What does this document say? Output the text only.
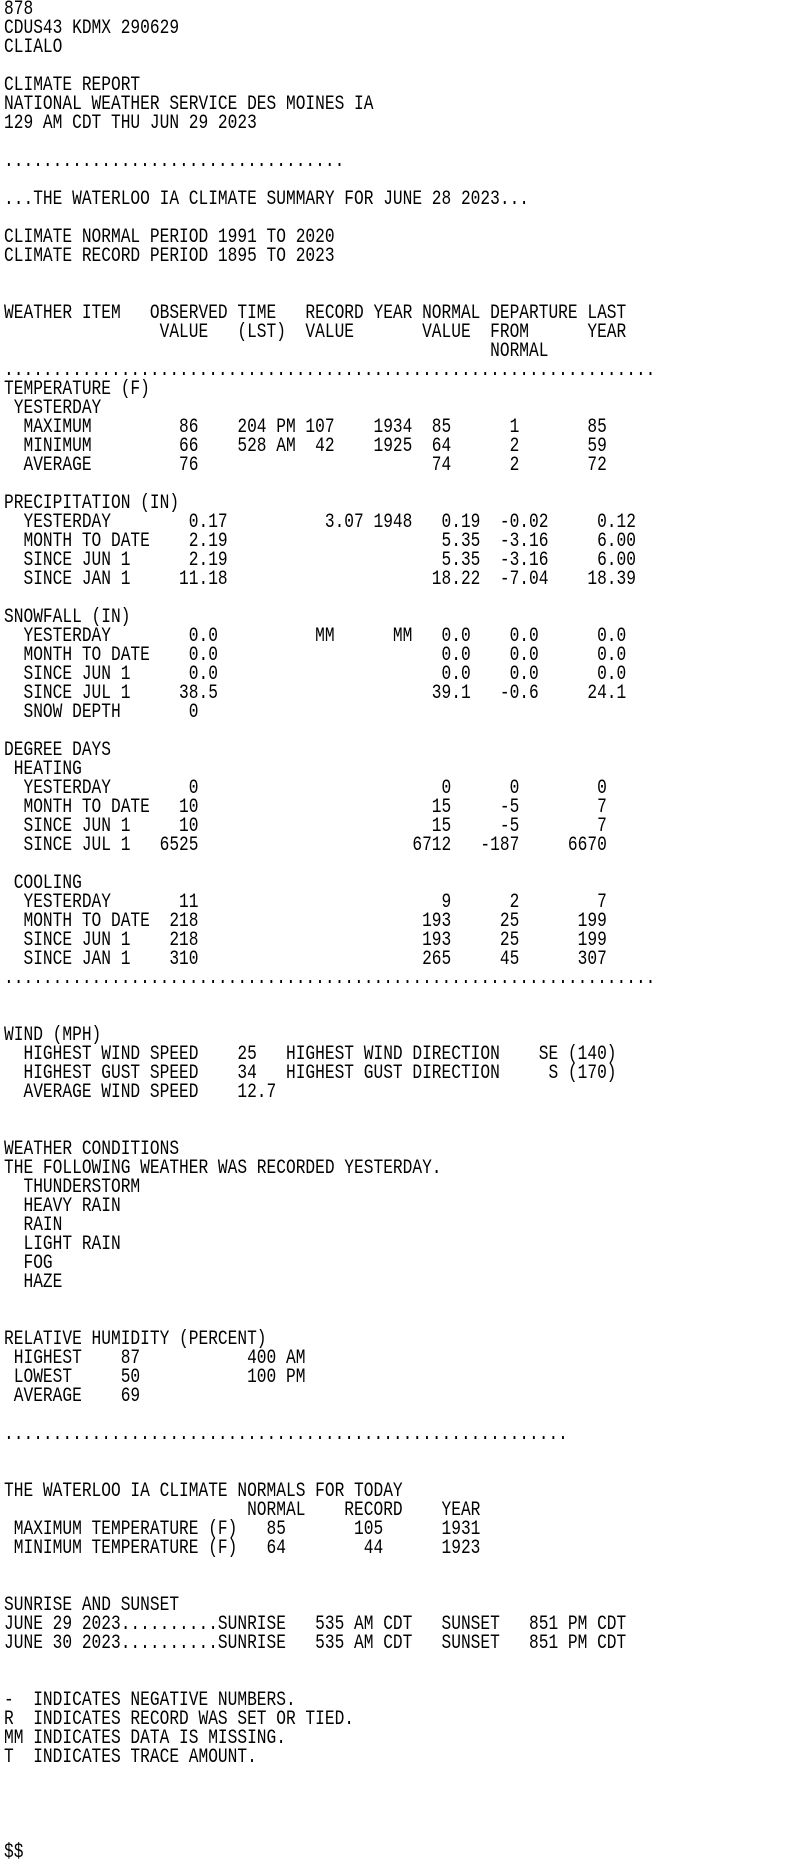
878
CDUS43 KDMX 290629
CLIALO
CLIMATE REPORT
NATIONAL WEATHER SERVICE DES MOINES IA
129 AM CDT THU JUN 29 2023
...................................
...THE WATERLOO IA CLIMATE SUMMARY FOR JUNE 28 2023...
CLIMATE NORMAL PERIOD 1991 TO 2020
CLIMATE RECORD PERIOD 1895 TO 2023
WEATHER ITEM   OBSERVED TIME   RECORD YEAR NORMAL DEPARTURE LAST
VALUE   (LST)  VALUE       VALUE  FROM      YEAR
NORMAL
...................................................................
TEMPERATURE (F)
YESTERDAY
MAXIMUM         86    204 PM 107    1934  85      1       85
MINIMUM         66    528 AM  42    1925  64      2       59
AVERAGE         76                        74      2       72
PRECIPITATION (IN)
YESTERDAY        0.17          3.07 1948   0.19  -0.02     0.12
MONTH TO DATE    2.19                      5.35  -3.16     6.00
SINCE JUN 1      2.19                      5.35  -3.16     6.00
SINCE JAN 1     11.18                     18.22  -7.04    18.39
SNOWFALL (IN)
YESTERDAY        0.0          MM      MM   0.0    0.0      0.0
MONTH TO DATE    0.0                       0.0    0.0      0.0
SINCE JUN 1      0.0                       0.0    0.0      0.0
SINCE JUL 1     38.5                      39.1   -0.6     24.1
SNOW DEPTH       0
DEGREE DAYS
HEATING
YESTERDAY        0                         0      0        0
MONTH TO DATE   10                        15     -5        7
SINCE JUN 1     10                        15     -5        7
SINCE JUL 1   6525                      6712   -187     6670
COOLING
YESTERDAY       11                         9      2        7
MONTH TO DATE  218                       193     25      199
SINCE JUN 1    218                       193     25      199
SINCE JAN 1    310                       265     45      307
...................................................................
WIND (MPH)
HIGHEST WIND SPEED    25   HIGHEST WIND DIRECTION    SE (140)
HIGHEST GUST SPEED    34   HIGHEST GUST DIRECTION     S (170)
AVERAGE WIND SPEED    12.7
WEATHER CONDITIONS
THE FOLLOWING WEATHER WAS RECORDED YESTERDAY.
THUNDERSTORM
HEAVY RAIN
RAIN
LIGHT RAIN
FOG
HAZE
RELATIVE HUMIDITY (PERCENT)
HIGHEST    87           400 AM
LOWEST     50           100 PM
AVERAGE    69
..........................................................
THE WATERLOO IA CLIMATE NORMALS FOR TODAY
NORMAL    RECORD    YEAR
MAXIMUM TEMPERATURE (F)   85       105      1931
MINIMUM TEMPERATURE (F)   64        44      1923
SUNRISE AND SUNSET
JUNE 29 2023..........SUNRISE   535 AM CDT   SUNSET   851 PM CDT
JUNE 30 2023..........SUNRISE   535 AM CDT   SUNSET   851 PM CDT
-  INDICATES NEGATIVE NUMBERS.
R  INDICATES RECORD WAS SET OR TIED.
MM INDICATES DATA IS MISSING.
T  INDICATES TRACE AMOUNT.
$$
